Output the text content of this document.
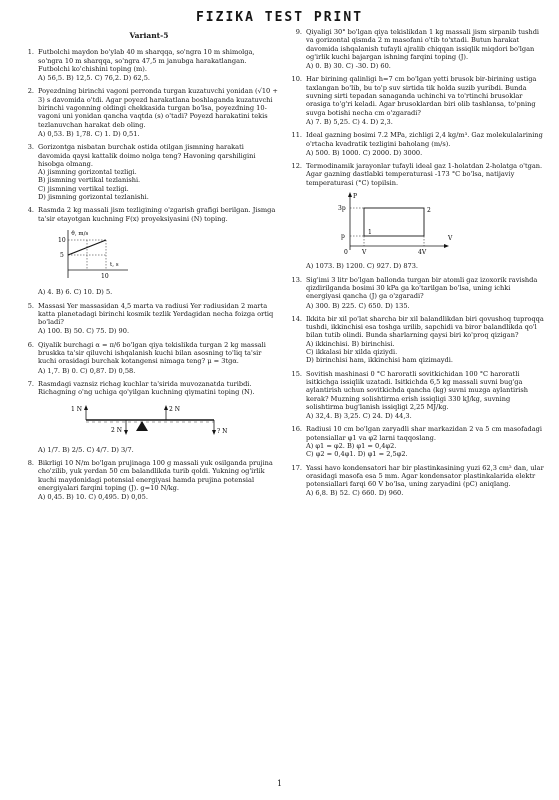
FIZIKA TEST PRINT
Variant-5
1. Futbolchi maydon bo'ylab 40 m sharqqa, so'ngra 10 m shimolga, so'ngra 10 m sharqqa, so'ngra 47,5 m janubga harakatlangan. Futbolchi ko'chishini toping (m).
A) 56,5. B) 12,5. C) 76,2. D) 62,5.
2. Poyezdning birinchi vagoni perronda turgan kuzatuvchi yonidan (√10 + 3) s davomida o'tdi. Agar poyezd harakatlana boshlaganda kuzatuvchi birinchi vagonning oldingi chekkasida turgan bo'lsa, poyezdning 10-vagoni uni yonidan qancha vaqtda (s) o'tadi? Poyezd harakatini tekis tezlanuvchan harakat deb oling.
A) 0,53. B) 1,78. C) 1. D) 0,51.
3. Gorizontga nisbatan burchak ostida otilgan jismning harakati davomida qaysi kattalik doimo nolga teng? Havoning qarshiligini hisobga olmang.
A) jismning gorizontal tezligi.
B) jismning vertikal tezlanishi.
C) jismning vertikal tezligi.
D) jismning gorizontal tezlanishi.
4. Rasmda 2 kg massali jism tezligining o'zgarish grafigi berilgan. Jismga ta'sir etayotgan kuchning F(x) proyeksiyasini (N) toping.
ϑ, m/s
10
5
t, s
10
A) 4. B) 6. C) 10. D) 5.
5. Massasi Yer massasidan 4,5 marta va radiusi Yer radiusidan 2 marta katta planetadagi birinchi kosmik tezlik Yerdagidan necha foizga ortiq bo'ladi?
A) 100. B) 50. C) 75. D) 90.
6. Qiyalik burchagi α = π/6 bo'lgan qiya tekislikda turgan 2 kg massali bruskka ta'sir qiluvchi ishqalanish kuchi bilan asosning to'liq ta'sir kuchi orasidagi burchak kotangensi nimaga teng? μ = 3tgα.
A) 1,7. B) 0. C) 0,87. D) 0,58.
7. Rasmdagi vaznsiz richag kuchlar ta'sirida muvozanatda turibdi. Richagning o'ng uchiga qo'yilgan kuchning qiymatini toping (N).
1 N
2 N
2 N
? N
A) 1/7. B) 2/5. C) 4/7. D) 3/7.
8. Bikrligi 10 N/m bo'lgan prujinaga 100 g massali yuk osilganda prujina cho'zilib, yuk yerdan 50 cm balandlikda turib qoldi. Yukning og'irlik kuchi maydonidagi potensial energiyasi hamda prujina potensial energiyalari farqini toping (J). g=10 N/kg.
A) 0,45. B) 10. C) 0,495. D) 0,05.
9. Qiyaligi 30° bo'lgan qiya tekislikdan 1 kg massali jism sirpanib tushdi va gorizontal qismda 2 m masofani o'tib to'xtadi. Butun harakat davomida ishqalanish tufayli ajralib chiqqan issiqlik miqdori bo'lgan og'irlik kuchi bajargan ishning farqini toping (J).
A) 0. B) 30. C) -30. D) 60.
10. Har birining qalinligi h=7 cm bo'lgan yetti brusok bir-birining ustiga taxlangan bo'lib, bu to'p suv sirtida tik holda suzib yuribdi. Bunda suvning sirti tepadan sanaganda uchinchi va to'rtinchi brusoklar orasiga to'g'ri keladi. Agar brusoklardan biri olib tashlansa, to'pning suvga botishi necha cm o'zgaradi?
A) 7. B) 5,25. C) 4. D) 2,3.
11. Ideal gazning bosimi 7.2 MPa, zichligi 2,4 kg/m³. Gaz molekulalarining o'rtacha kvadratik tezligini baholang (m/s).
A) 500. B) 1000. C) 2000. D) 3000.
12. Termodinamik jarayonlar tufayli ideal gaz 1-holatdan 2-holatga o'tgan. Agar gazning dastlabki temperaturasi -173 °C bo'lsa, natijaviy temperaturasi (°C) topilsin.
P
V
3p
p
0 V	4V
1
2
A) 1073. B) 1200. C) 927. D) 873.
13. Sig'imi 3 litr bo'lgan ballonda turgan bir atomli gaz izoxorik ravishda qizdirilganda bosimi 30 kPa ga ko'tarilgan bo'lsa, uning ichki energiyasi qancha (J) ga o'zgaradi?
A) 300. B) 225. C) 650. D) 135.
14. Ikkita bir xil po'lat sharcha bir xil balandlikdan biri qovushoq tuproqqa tushdi, ikkinchisi esa toshga urilib, sapchidi va biror balandlikda qo'l bilan tutib olindi. Bunda sharlarning qaysi biri ko'proq qizigan?
A) ikkinchisi. B) birinchisi.
C) ikkalasi bir xilda qiziydi.
D) birinchisi ham, ikkinchisi ham qizimaydi.
15. Sovitish mashinasi 0 °C haroratli sovitkichidan 100 °C haroratli isitkichga issiqlik uzatadi. Isitkichda 6,5 kg massali suvni bug'ga aylantirish uchun sovitkichda qancha (kg) suvni muzga aylantirish kerak? Muzning solishtirma erish issiqligi 330 kJ/kg, suvning solishtirma bug'lanish issiqligi 2,25 MJ/kg.
A) 32,4. B) 3,25. C) 24. D) 44,3.
16. Radiusi 10 cm bo'lgan zaryadli shar markazidan 2 va 5 cm masofadagi potensiallar φ1 va φ2 larni taqqoslang.
A) φ1 = φ2. B) φ1 = 0,4φ2.
C) φ2 = 0,4φ1. D) φ1 = 2,5φ2.
17. Yassi havo kondensatori har bir plastinkasining yuzi 62,3 cm² dan, ular orasidagi masofa esa 5 mm. Agar kondensator plastinkalarida elektr potensiallari farqi 60 V bo'lsa, uning zaryadini (pC) aniqlang.
A) 6,8. B) 52. C) 660. D) 960.
1
